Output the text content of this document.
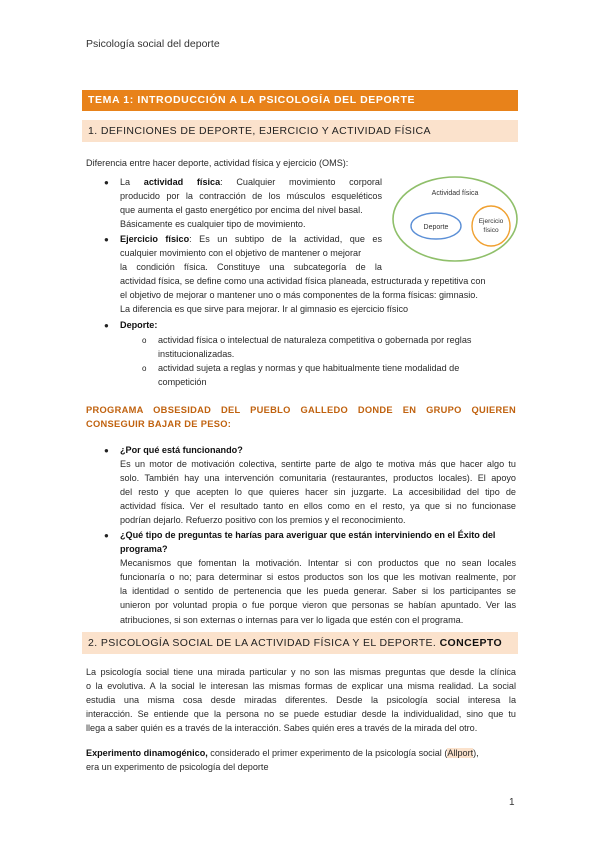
Psicología social del deporte
TEMA 1: INTRODUCCIÓN A LA PSICOLOGÍA DEL DEPORTE
1. DEFINCIONES DE DEPORTE, EJERCICIO Y ACTIVIDAD FÍSICA
Diferencia entre hacer deporte, actividad física y ejercicio (OMS):
● La actividad física: Cualquier movimiento corporal
producido por la contracción de los músculos esqueléticos
que aumenta el gasto energético por encima del nivel basal.
Básicamente es cualquier tipo de movimiento.
Actividad física
Deporte
Ejercicio
físico
● Ejercicio físico: Es un subtipo de la actividad, que es
cualquier movimiento con el objetivo de mantener o mejorar
la condición física. Constituye una subcategoría de la
actividad física, se define como una actividad física planeada, estructurada y repetitiva con
el objetivo de mejorar o mantener uno o más componentes de la forma físicas: gimnasio.
La diferencia es que sirve para mejorar. Ir al gimnasio es ejercicio físico
● Deporte:
o actividad física o intelectual de naturaleza competitiva o gobernada por reglas
institucionalizadas.
o actividad sujeta a reglas y normas y que habitualmente tiene modalidad de
competición
PROGRAMA OBSESIDAD DEL PUEBLO GALLEDO DONDE EN GRUPO QUIEREN
CONSEGUIR BAJAR DE PESO:
● ¿Por qué está funcionando?
Es un motor de motivación colectiva, sentirte parte de algo te motiva más que hacer algo tu
solo. También hay una intervención comunitaria (restaurantes, productos locales). El apoyo
del resto y que acepten lo que quieres hacer sin juzgarte. La accesibilidad del tipo de
actividad física. Ver el resultado tanto en ellos como en el resto, ya que si no funcionase
podrían dejarlo. Refuerzo positivo con los premios y el reconocimiento.
● ¿Qué tipo de preguntas te harías para averiguar que están interviniendo en el Éxito del
programa?
Mecanismos que fomentan la motivación. Intentar si con productos que no sean locales
funcionaría o no; para determinar si estos productos son los que les motivan realmente, por
la identidad o sentido de pertenencia que les pueda generar. Saber si los participantes se
unieron por voluntad propia o fue porque vieron que personas se habían apuntado. Ver las
atribuciones, si son externas o internas para ver lo ligada que estén con el programa.
2. PSICOLOGÍA SOCIAL DE LA ACTIVIDAD FÍSICA Y EL DEPORTE. CONCEPTO
La psicología social tiene una mirada particular y no son las mismas preguntas que desde la clínica
o la evolutiva. A la social le interesan las mismas formas de explicar una misma realidad. La social
estudia una misma cosa desde miradas diferentes. Desde la psicología social interesa la
interacción. Se entiende que la persona no se puede estudiar desde la individualidad, sino que tu
llega a saber quién es a través de la interacción. Sabes quién eres a través de la mirada del otro.
Experimento dinamogénico, considerado el primer experimento de la psicología social (Allport),
era un experimento de psicología del deporte
1
